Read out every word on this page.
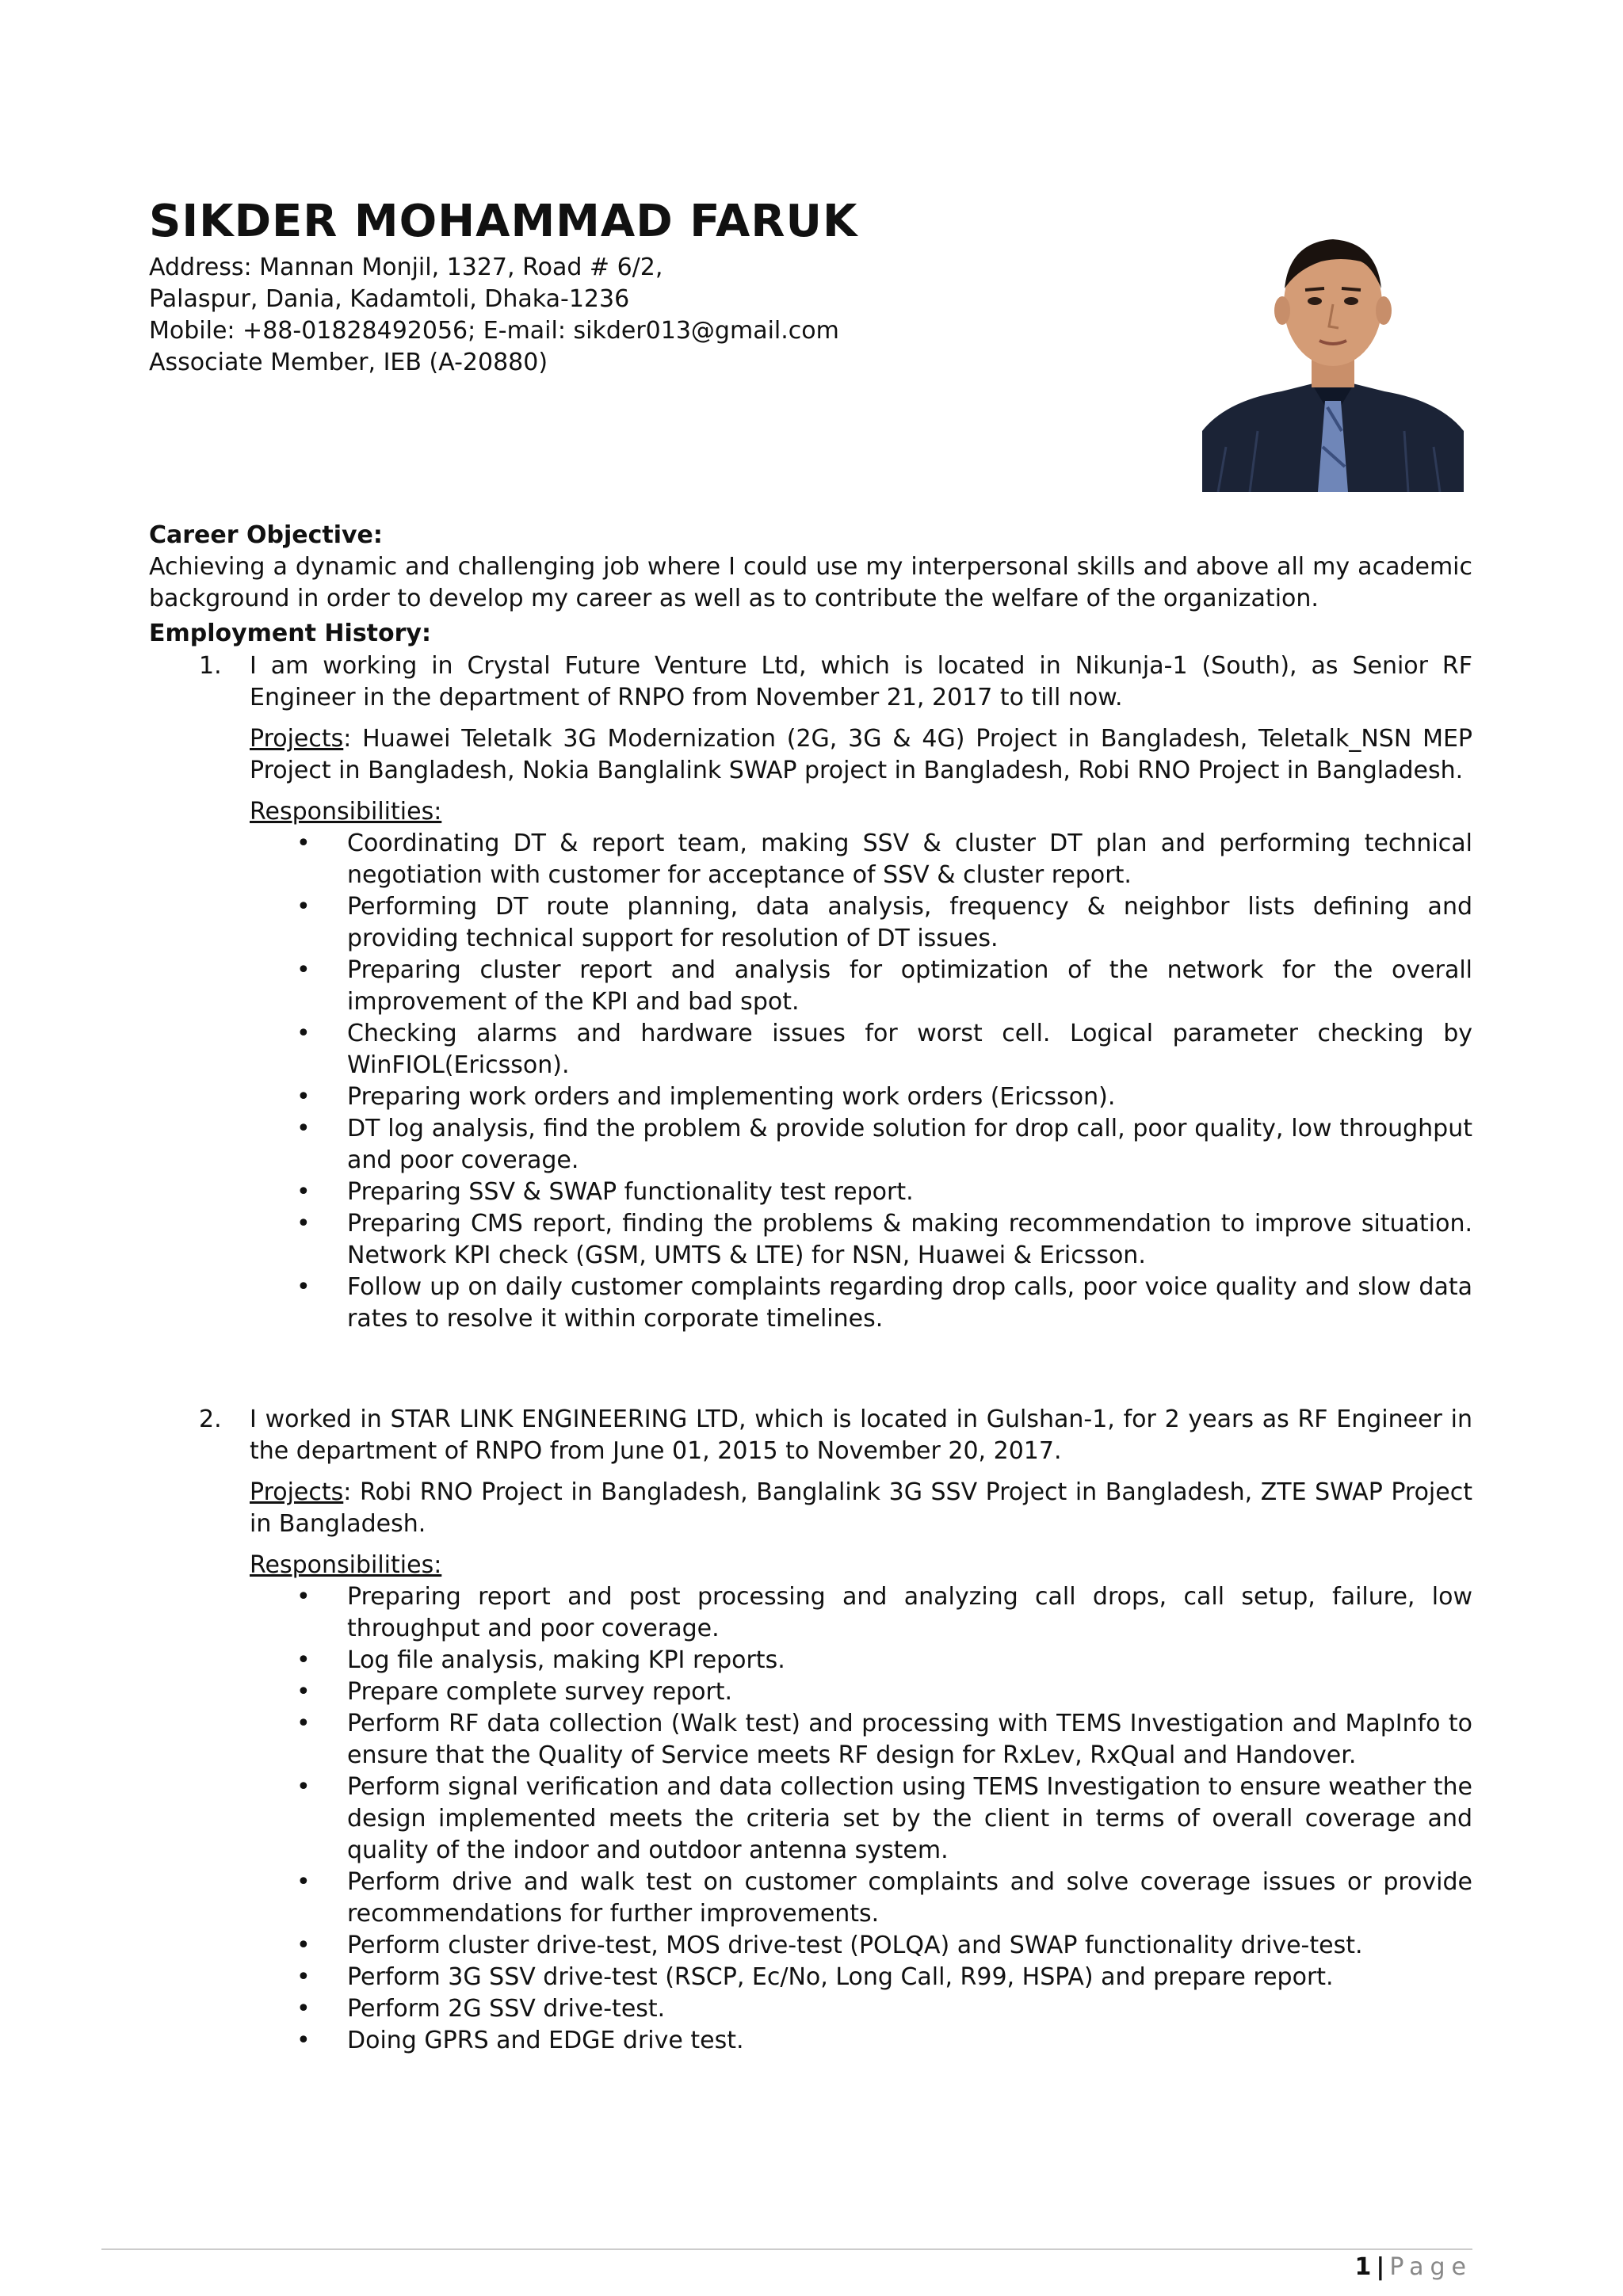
SIKDER MOHAMMAD FARUK
Address: Mannan Monjil, 1327, Road # 6/2,
Palaspur, Dania, Kadamtoli, Dhaka-1236
Mobile: +88-01828492056; E-mail: sikder013@gmail.com
Associate Member, IEB (A-20880)

Career Objective:

Achieving a dynamic and challenging job where I could use my interpersonal skills and above all my academic background in order to develop my career as well as to contribute the welfare of the organization.

Employment History:

1. I am working in Crystal Future Venture Ltd, which is located in Nikunja-1 (South), as Senior RF Engineer in the department of RNPO from November 21, 2017 to till now.
Projects: Huawei Teletalk 3G Modernization (2G, 3G & 4G) Project in Bangladesh, Teletalk_NSN MEP Project in Bangladesh, Nokia Banglalink SWAP project in Bangladesh, Robi RNO Project in Bangladesh.
Responsibilities:
• Coordinating DT & report team, making SSV & cluster DT plan and performing technical negotiation with customer for acceptance of SSV & cluster report.
• Performing DT route planning, data analysis, frequency & neighbor lists defining and providing technical support for resolution of DT issues.
• Preparing cluster report and analysis for optimization of the network for the overall improvement of the KPI and bad spot.
• Checking alarms and hardware issues for worst cell. Logical parameter checking by WinFIOL(Ericsson).
• Preparing work orders and implementing work orders (Ericsson).
• DT log analysis, find the problem & provide solution for drop call, poor quality, low throughput and poor coverage.
• Preparing SSV & SWAP functionality test report.
• Preparing CMS report, finding the problems & making recommendation to improve situation. Network KPI check (GSM, UMTS & LTE) for NSN, Huawei & Ericsson.
• Follow up on daily customer complaints regarding drop calls, poor voice quality and slow data rates to resolve it within corporate timelines.
2. I worked in STAR LINK ENGINEERING LTD, which is located in Gulshan-1, for 2 years as RF Engineer in the department of RNPO from June 01, 2015 to November 20, 2017.
Projects: Robi RNO Project in Bangladesh, Banglalink 3G SSV Project in Bangladesh, ZTE SWAP Project in Bangladesh.
Responsibilities:
• Preparing report and post processing and analyzing call drops, call setup, failure, low throughput and poor coverage.
• Log file analysis, making KPI reports.
• Prepare complete survey report.
• Perform RF data collection (Walk test) and processing with TEMS Investigation and MapInfo to ensure that the Quality of Service meets RF design for RxLev, RxQual and Handover.
• Perform signal verification and data collection using TEMS Investigation to ensure weather the design implemented meets the criteria set by the client in terms of overall coverage and quality of the indoor and outdoor antenna system.
• Perform drive and walk test on customer complaints and solve coverage issues or provide recommendations for further improvements.
• Perform cluster drive-test, MOS drive-test (POLQA) and SWAP functionality drive-test.
• Perform 3G SSV drive-test (RSCP, Ec/No, Long Call, R99, HSPA) and prepare report.
• Perform 2G SSV drive-test.
• Doing GPRS and EDGE drive test.
1 | Page
